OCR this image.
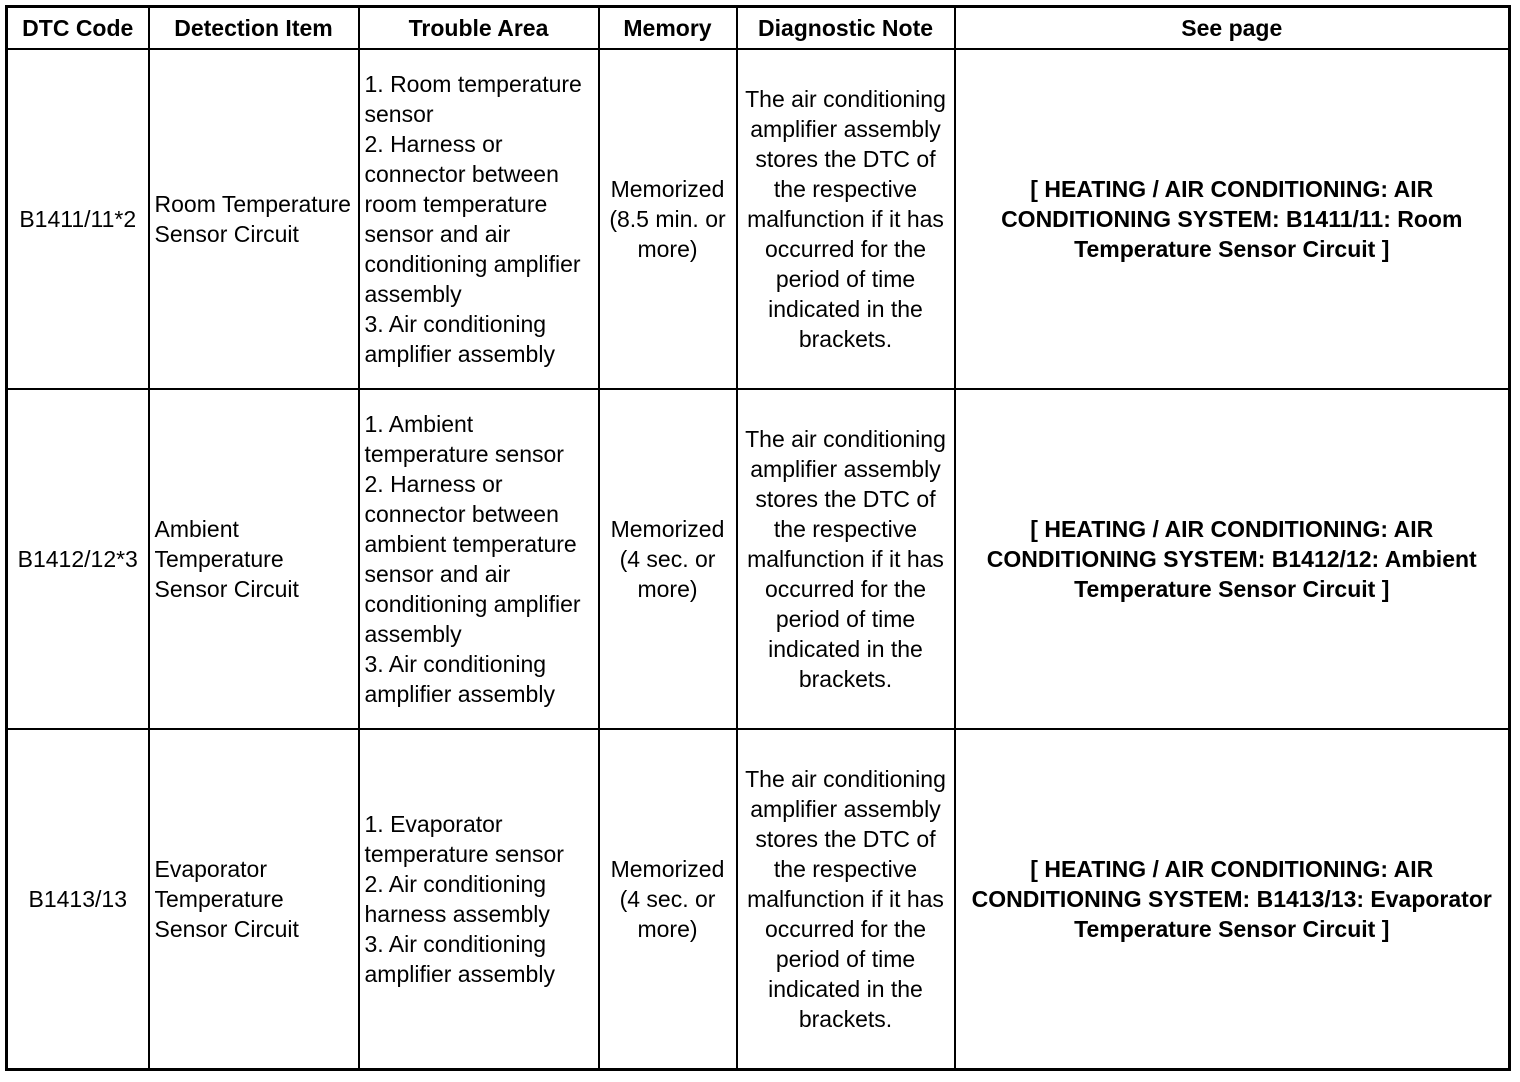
DTC Code	Detection Item	Trouble Area	Memory	Diagnostic Note	See page
B1411/11*2	Room Temperature Sensor Circuit	1. Room temperature sensor
2. Harness or connector between room temperature sensor and air conditioning amplifier assembly
3. Air conditioning amplifier assembly	Memorized (8.5 min. or more)	The air conditioning amplifier assembly stores the DTC of the respective malfunction if it has occurred for the period of time indicated in the brackets.	[ HEATING / AIR CONDITIONING: AIR CONDITIONING SYSTEM: B1411/11: Room Temperature Sensor Circuit ]
B1412/12*3	Ambient Temperature Sensor Circuit	1. Ambient temperature sensor
2. Harness or connector between ambient temperature sensor and air conditioning amplifier assembly
3. Air conditioning amplifier assembly	Memorized (4 sec. or more)	The air conditioning amplifier assembly stores the DTC of the respective malfunction if it has occurred for the period of time indicated in the brackets.	[ HEATING / AIR CONDITIONING: AIR CONDITIONING SYSTEM: B1412/12: Ambient Temperature Sensor Circuit ]
B1413/13	Evaporator Temperature Sensor Circuit	1. Evaporator temperature sensor
2. Air conditioning harness assembly
3. Air conditioning amplifier assembly	Memorized (4 sec. or more)	The air conditioning amplifier assembly stores the DTC of the respective malfunction if it has occurred for the period of time indicated in the brackets.	[ HEATING / AIR CONDITIONING: AIR CONDITIONING SYSTEM: B1413/13: Evaporator Temperature Sensor Circuit ]
